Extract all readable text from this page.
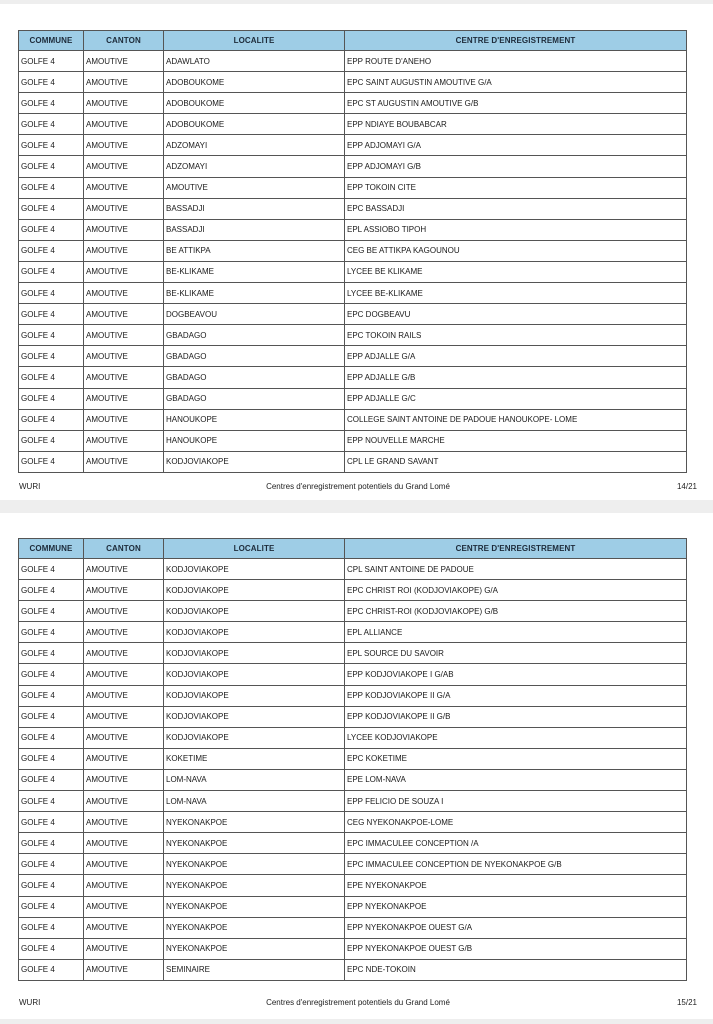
COMMUNE	CANTON	LOCALITE	CENTRE D'ENREGISTREMENT
GOLFE 4	AMOUTIVE	ADAWLATO	EPP ROUTE D'ANEHO
GOLFE 4	AMOUTIVE	ADOBOUKOME	EPC SAINT AUGUSTIN AMOUTIVE G/A
GOLFE 4	AMOUTIVE	ADOBOUKOME	EPC ST AUGUSTIN AMOUTIVE G/B
GOLFE 4	AMOUTIVE	ADOBOUKOME	EPP NDIAYE BOUBABCAR
GOLFE 4	AMOUTIVE	ADZOMAYI	EPP ADJOMAYI G/A
GOLFE 4	AMOUTIVE	ADZOMAYI	EPP ADJOMAYI G/B
GOLFE 4	AMOUTIVE	AMOUTIVE	EPP TOKOIN CITE
GOLFE 4	AMOUTIVE	BASSADJI	EPC BASSADJI
GOLFE 4	AMOUTIVE	BASSADJI	EPL ASSIOBO TIPOH
GOLFE 4	AMOUTIVE	BE ATTIKPA	CEG BE ATTIKPA KAGOUNOU
GOLFE 4	AMOUTIVE	BE-KLIKAME	LYCEE BE KLIKAME
GOLFE 4	AMOUTIVE	BE-KLIKAME	LYCEE BE-KLIKAME
GOLFE 4	AMOUTIVE	DOGBEAVOU	EPC DOGBEAVU
GOLFE 4	AMOUTIVE	GBADAGO	EPC TOKOIN RAILS
GOLFE 4	AMOUTIVE	GBADAGO	EPP ADJALLE G/A
GOLFE 4	AMOUTIVE	GBADAGO	EPP ADJALLE G/B
GOLFE 4	AMOUTIVE	GBADAGO	EPP ADJALLE G/C
GOLFE 4	AMOUTIVE	HANOUKOPE	COLLEGE SAINT ANTOINE DE PADOUE HANOUKOPE- LOME
GOLFE 4	AMOUTIVE	HANOUKOPE	EPP NOUVELLE MARCHE
GOLFE 4	AMOUTIVE	KODJOVIAKOPE	CPL LE GRAND SAVANT
WURI	Centres d'enregistrement potentiels du Grand Lomé	14/21
COMMUNE	CANTON	LOCALITE	CENTRE D'ENREGISTREMENT
GOLFE 4	AMOUTIVE	KODJOVIAKOPE	CPL SAINT ANTOINE DE PADOUE
GOLFE 4	AMOUTIVE	KODJOVIAKOPE	EPC CHRIST ROI (KODJOVIAKOPE) G/A
GOLFE 4	AMOUTIVE	KODJOVIAKOPE	EPC CHRIST-ROI (KODJOVIAKOPE) G/B
GOLFE 4	AMOUTIVE	KODJOVIAKOPE	EPL ALLIANCE
GOLFE 4	AMOUTIVE	KODJOVIAKOPE	EPL SOURCE DU SAVOIR
GOLFE 4	AMOUTIVE	KODJOVIAKOPE	EPP KODJOVIAKOPE I G/AB
GOLFE 4	AMOUTIVE	KODJOVIAKOPE	EPP KODJOVIAKOPE II G/A
GOLFE 4	AMOUTIVE	KODJOVIAKOPE	EPP KODJOVIAKOPE II G/B
GOLFE 4	AMOUTIVE	KODJOVIAKOPE	LYCEE KODJOVIAKOPE
GOLFE 4	AMOUTIVE	KOKETIME	EPC KOKETIME
GOLFE 4	AMOUTIVE	LOM-NAVA	EPE LOM-NAVA
GOLFE 4	AMOUTIVE	LOM-NAVA	EPP FELICIO DE SOUZA I
GOLFE 4	AMOUTIVE	NYEKONAKPOE	CEG NYEKONAKPOE-LOME
GOLFE 4	AMOUTIVE	NYEKONAKPOE	EPC IMMACULEE CONCEPTION /A
GOLFE 4	AMOUTIVE	NYEKONAKPOE	EPC IMMACULEE CONCEPTION DE NYEKONAKPOE G/B
GOLFE 4	AMOUTIVE	NYEKONAKPOE	EPE NYEKONAKPOE
GOLFE 4	AMOUTIVE	NYEKONAKPOE	EPP NYEKONAKPOE
GOLFE 4	AMOUTIVE	NYEKONAKPOE	EPP NYEKONAKPOE OUEST G/A
GOLFE 4	AMOUTIVE	NYEKONAKPOE	EPP NYEKONAKPOE OUEST G/B
GOLFE 4	AMOUTIVE	SEMINAIRE	EPC NDE-TOKOIN
WURI	Centres d'enregistrement potentiels du Grand Lomé	15/21
